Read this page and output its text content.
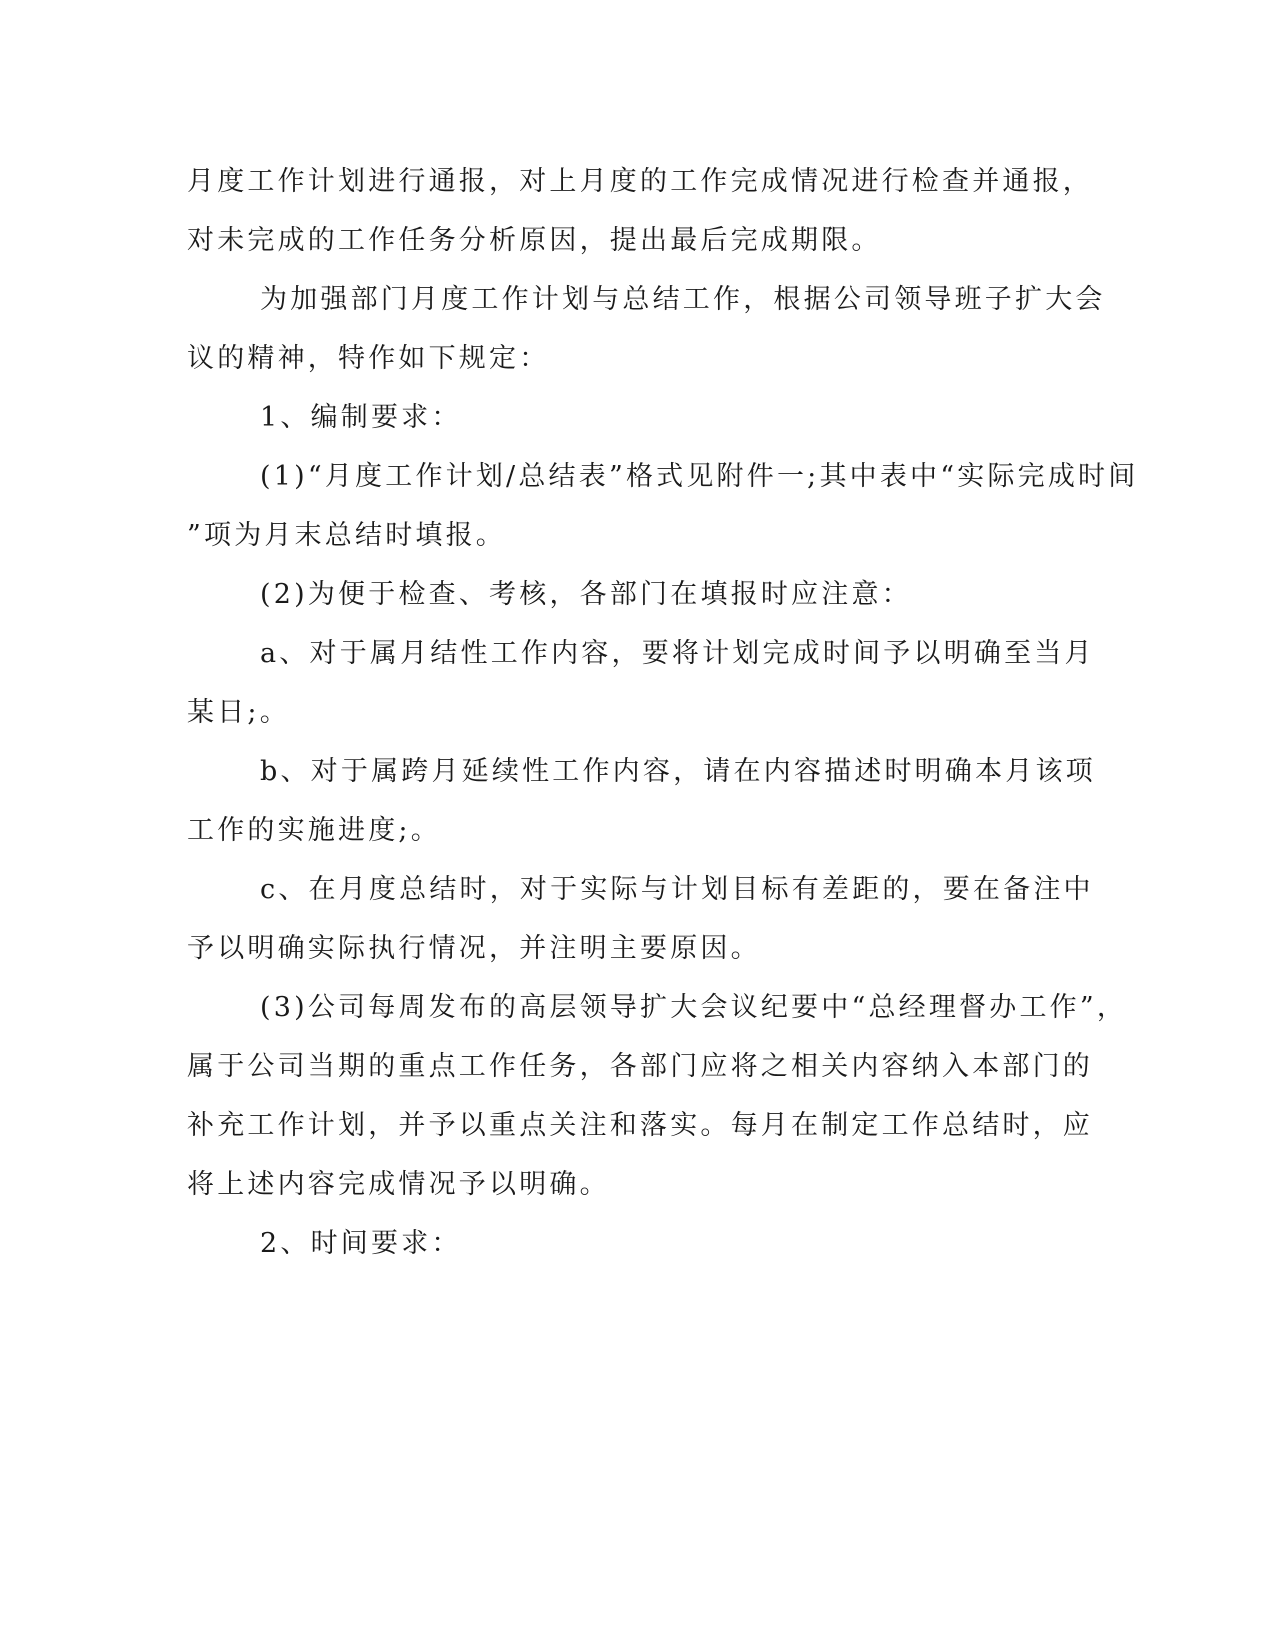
月度工作计划进行通报，对上月度的工作完成情况进行检查并通报，

对未完成的工作任务分析原因，提出最后完成期限。

为加强部门月度工作计划与总结工作，根据公司领导班子扩大会

议的精神，特作如下规定：

1、编制要求：

(1)“月度工作计划/总结表”格式见附件一;其中表中“实际完成时间

”项为月末总结时填报。

(2)为便于检查、考核，各部门在填报时应注意：

a、对于属月结性工作内容，要将计划完成时间予以明确至当月

某日;。

b、对于属跨月延续性工作内容，请在内容描述时明确本月该项

工作的实施进度;。

c、在月度总结时，对于实际与计划目标有差距的，要在备注中

予以明确实际执行情况，并注明主要原因。

(3)公司每周发布的高层领导扩大会议纪要中“总经理督办工作”，

属于公司当期的重点工作任务，各部门应将之相关内容纳入本部门的

补充工作计划，并予以重点关注和落实。每月在制定工作总结时，应

将上述内容完成情况予以明确。

2、时间要求：
